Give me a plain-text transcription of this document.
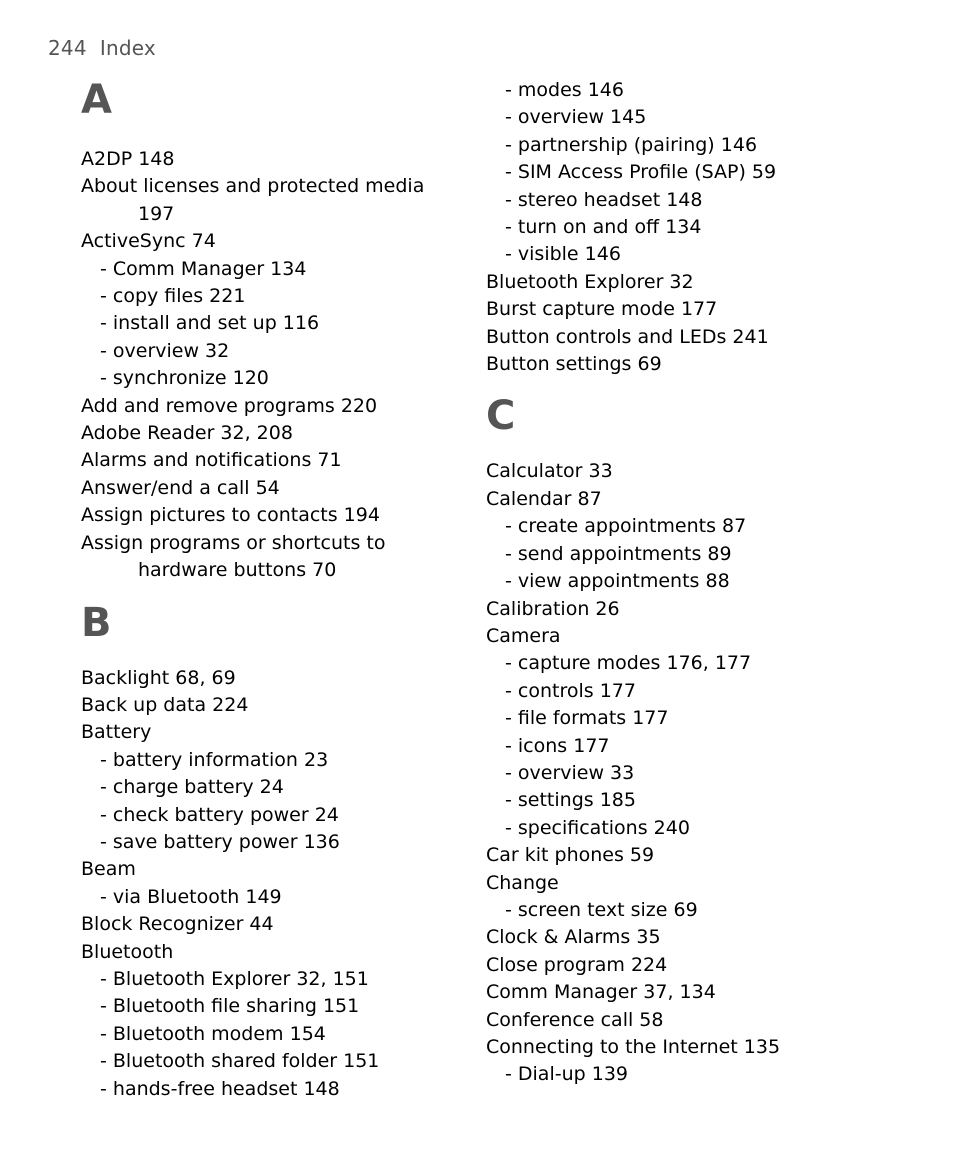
244 Index
A
A2DP 148
About licenses and protected media
197
ActiveSync 74
- Comm Manager 134
- copy files 221
- install and set up 116
- overview 32
- synchronize 120
Add and remove programs 220
Adobe Reader 32, 208
Alarms and notifications 71
Answer/end a call 54
Assign pictures to contacts 194
Assign programs or shortcuts to
hardware buttons 70
B
Backlight 68, 69
Back up data 224
Battery
- battery information 23
- charge battery 24
- check battery power 24
- save battery power 136
Beam
- via Bluetooth 149
Block Recognizer 44
Bluetooth
- Bluetooth Explorer 32, 151
- Bluetooth file sharing 151
- Bluetooth modem 154
- Bluetooth shared folder 151
- hands-free headset 148
- modes 146
- overview 145
- partnership (pairing) 146
- SIM Access Profile (SAP) 59
- stereo headset 148
- turn on and off 134
- visible 146
Bluetooth Explorer 32
Burst capture mode 177
Button controls and LEDs 241
Button settings 69
C
Calculator 33
Calendar 87
- create appointments 87
- send appointments 89
- view appointments 88
Calibration 26
Camera
- capture modes 176, 177
- controls 177
- file formats 177
- icons 177
- overview 33
- settings 185
- specifications 240
Car kit phones 59
Change
- screen text size 69
Clock & Alarms 35
Close program 224
Comm Manager 37, 134
Conference call 58
Connecting to the Internet 135
- Dial-up 139
